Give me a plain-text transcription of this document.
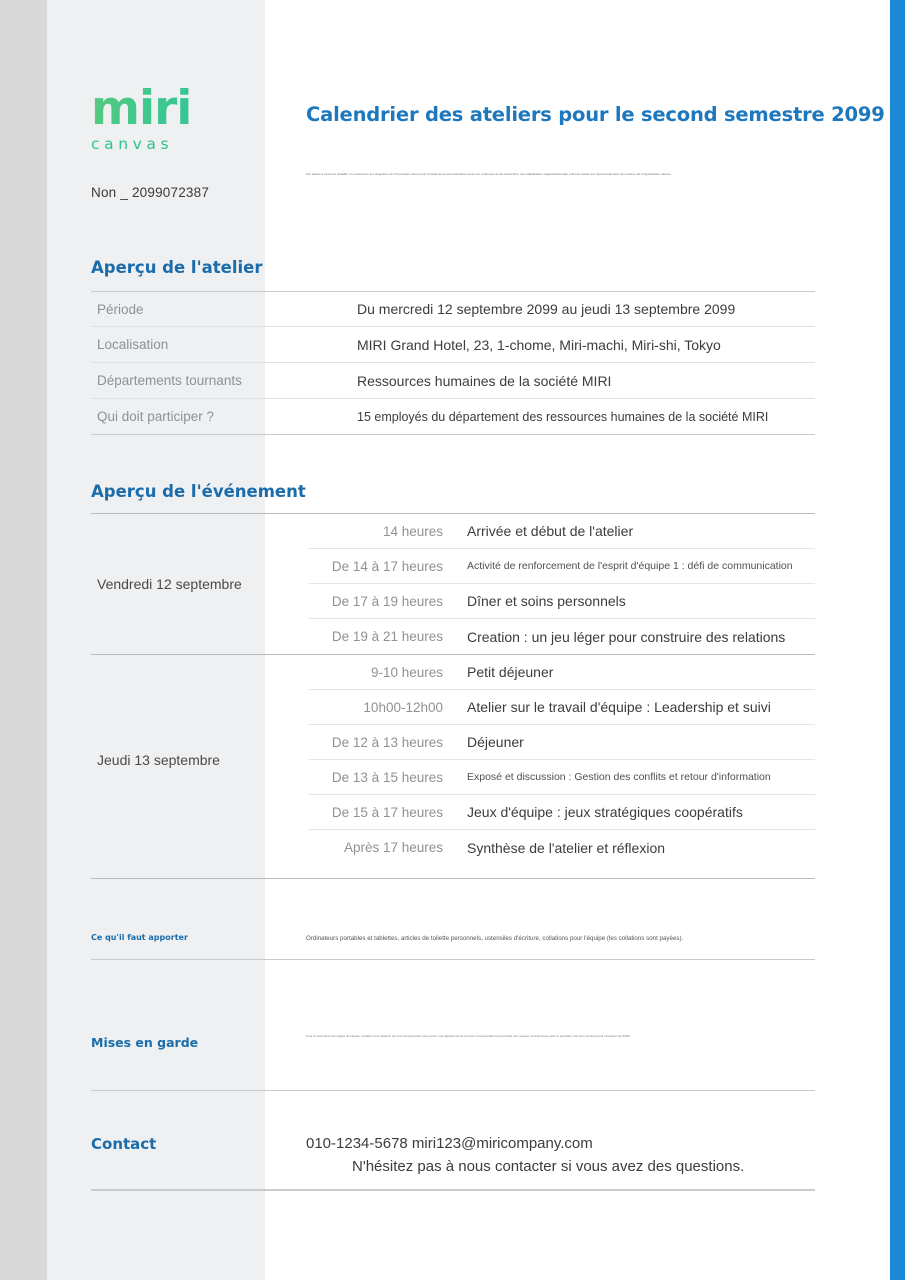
miri
canvas
Non _ 2099072387
Calendrier des ateliers pour le second semestre 2099
Cet atelier a pour but d'établir un consensus sur la gestion de l'innovation interne par le biais de la communication avec les employés et de rechercher une stabilisation organisationnelle précoce basée sur l'amoncellement du contenu de l'organisation interne.
Aperçu de l'atelier
Période	Du mercredi 12 septembre 2099 au jeudi 13 septembre 2099
Localisation	MIRI Grand Hotel, 23, 1-chome, Miri-machi, Miri-shi, Tokyo
Départements tournants	Ressources humaines de la société MIRI
Qui doit participer ?	15 employés du département des ressources humaines de la société MIRI
Aperçu de l'événement
Vendredi 12 septembre
14 heures	Arrivée et début de l'atelier
De 14 à 17 heures	Activité de renforcement de l'esprit d'équipe 1 : défi de communication
De 17 à 19 heures	Dîner et soins personnels
De 19 à 21 heures	Creation : un jeu léger pour construire des relations
Jeudi 13 septembre
9-10 heures	Petit déjeuner
10h00-12h00	Atelier sur le travail d'équipe : Leadership et suivi
De 12 à 13 heures	Déjeuner
De 13 à 15 heures	Exposé et discussion : Gestion des conflits et retour d'information
De 15 à 17 heures	Jeux d'équipe : jeux stratégiques coopératifs
Après 17 heures	Synthèse de l'atelier et réflexion
Ce qu'il faut apporter	Ordinateurs portables et tablettes, articles de toilette personnels, ustensiles d'écriture, collations pour l'équipe (les collations sont payées).
Mises en garde	Pour la sécurité et les règles de l'atelier, veuillez vous abstenir de tout comportement personnel, nos déplacements et notre consommation personnelle. En respect, tout blessure avec le quotidien. Ne sont soutenus par l'intérieur de l'MIRI.
Contact	010-1234-5678 miri123@miricompany.com
N'hésitez pas à nous contacter si vous avez des questions.
